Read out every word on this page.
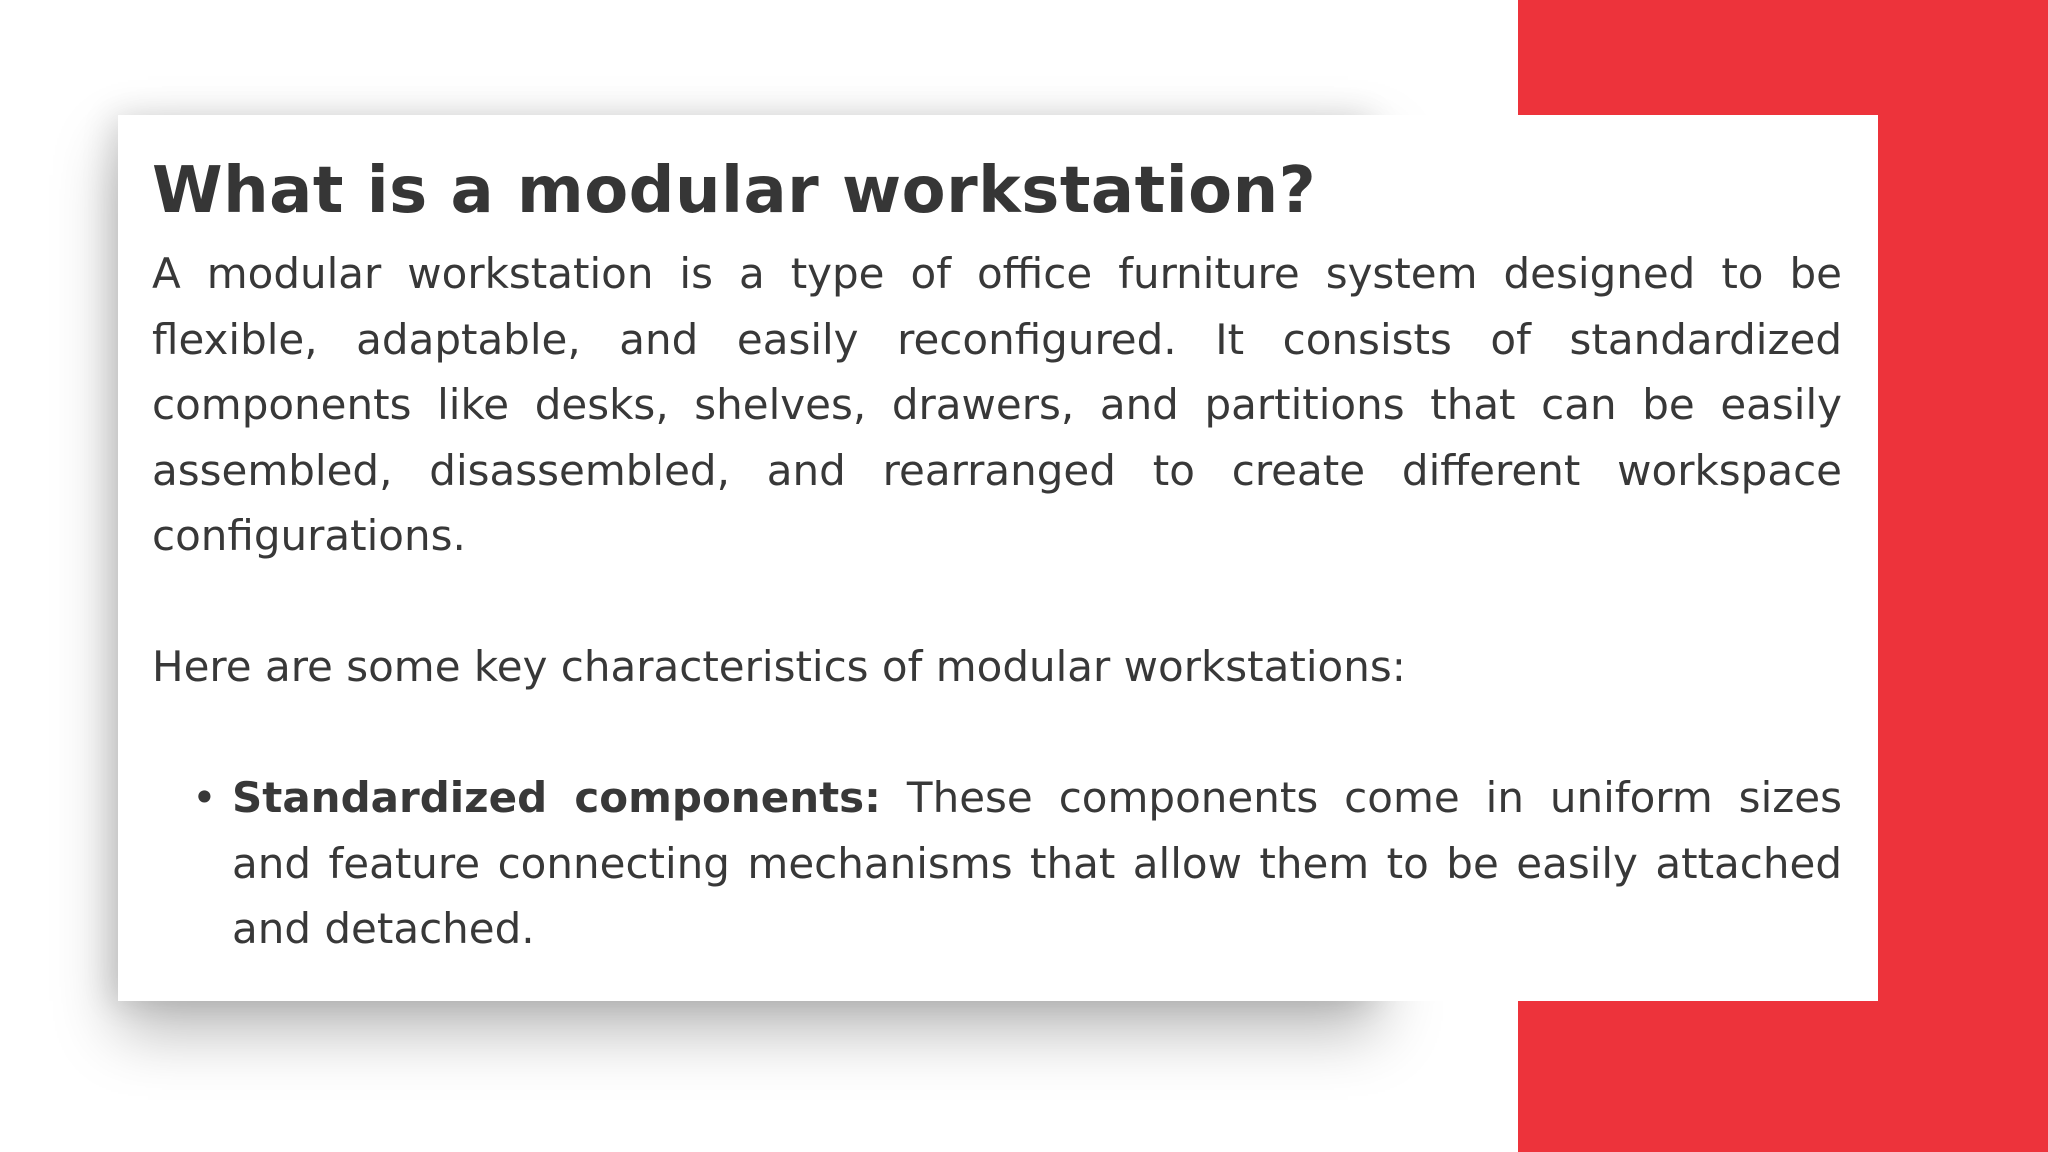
What is a modular workstation?

A modular workstation is a type of office furniture system designed to be flexible, adaptable, and easily reconfigured. It consists of standardized components like desks, shelves, drawers, and partitions that can be easily assembled, disassembled, and rearranged to create different workspace configurations.

Here are some key characteristics of modular workstations:

• Standardized components: These components come in uniform sizes and feature connecting mechanisms that allow them to be easily attached and detached.
